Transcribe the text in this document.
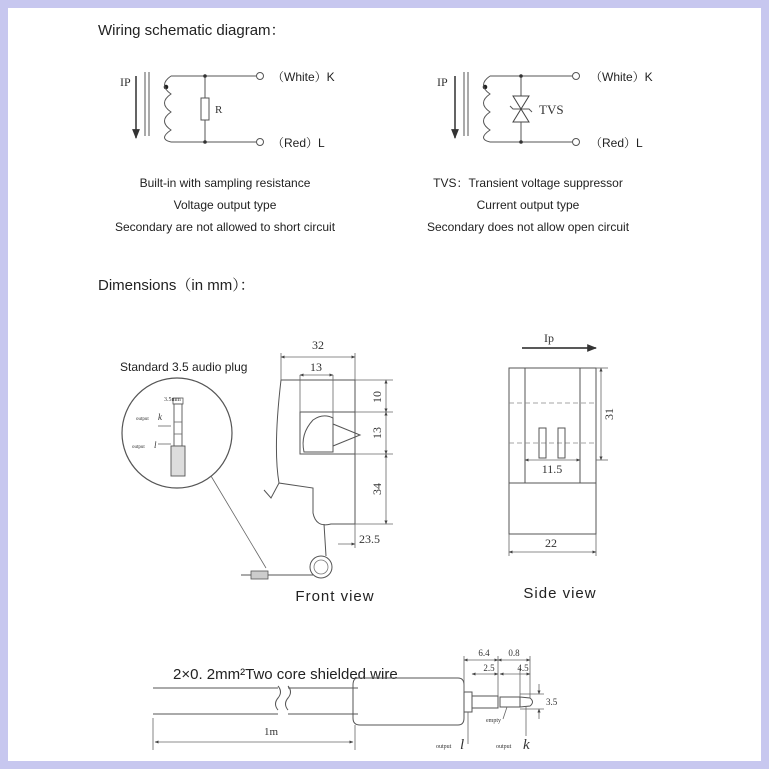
Wiring schematic diagram：
IP
R
（White）K
（Red）L
Built-in with sampling resistance
Voltage output type
Secondary are not allowed to short circuit
IP
TVS
（White）K
（Red）L
TVS：Transient voltage suppressor
Current output type
Secondary does not allow open circuit
Dimensions（in mm）：
Standard 3.5 audio plug
3.5mm
output k
output l
32
13
10
13
34
23.5
Front view
Ip
31
11.5
22
Side view
2×0. 2mm²Two core shielded wire
6.4 0.8
2.5	4.5
3.5
empty
output l	output k
1m
